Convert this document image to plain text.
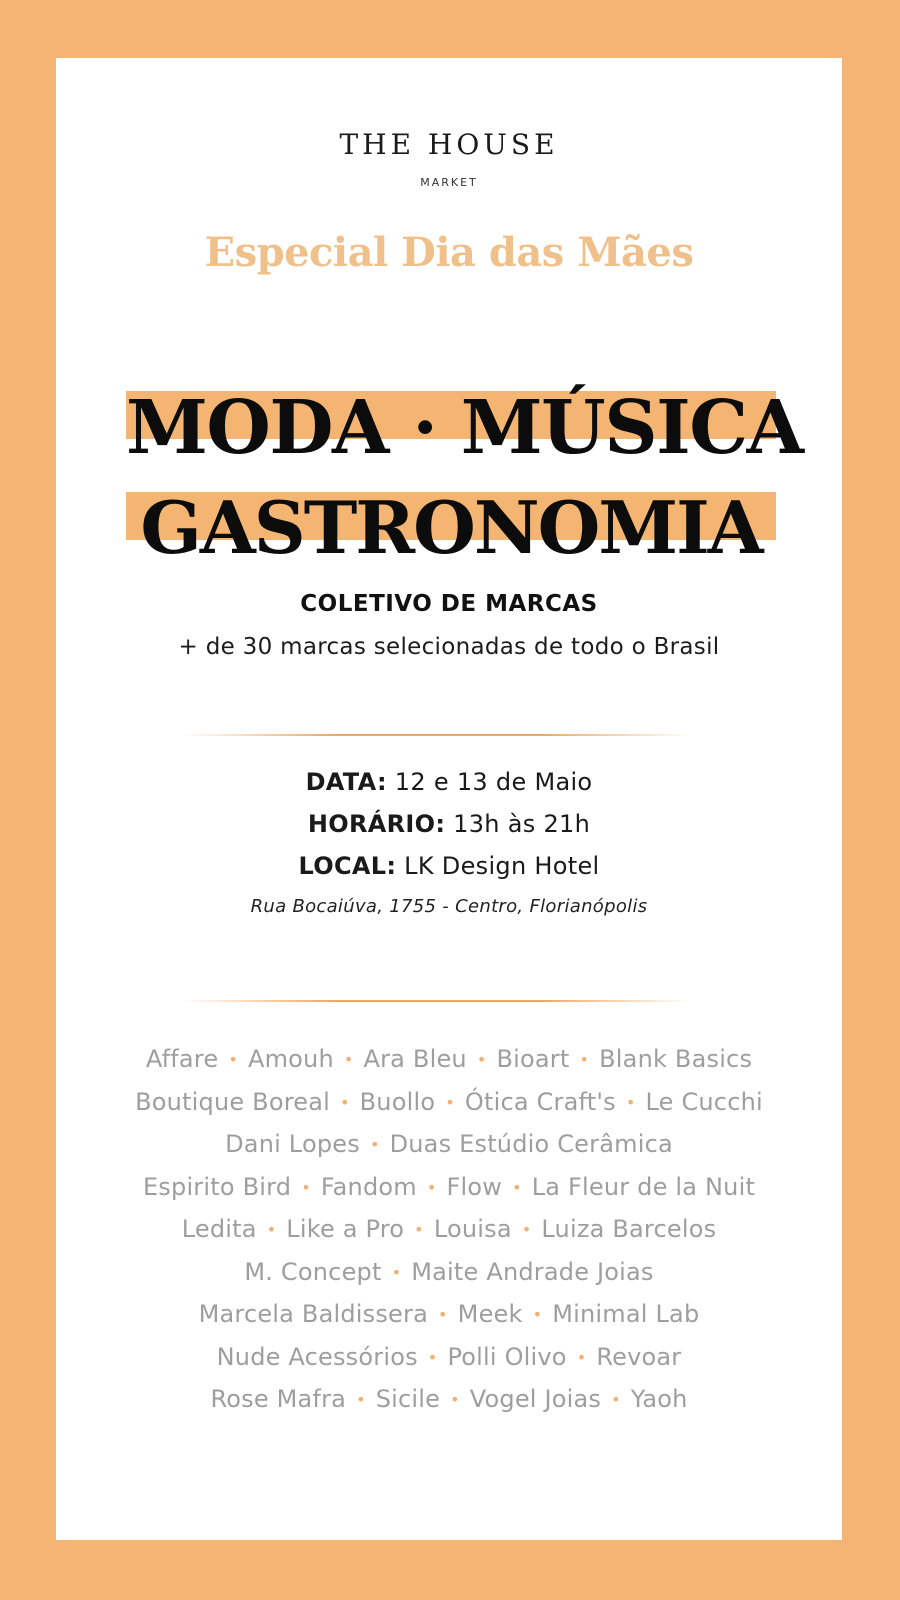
THE HOUSE
MARKET
Especial Dia das Mães
MODA · MÚSICA
GASTRONOMIA
COLETIVO DE MARCAS
+ de 30 marcas selecionadas de todo o Brasil
DATA: 12 e 13 de Maio
HORÁRIO: 13h às 21h
LOCAL: LK Design Hotel
Rua Bocaiúva, 1755 - Centro, Florianópolis
Affare • Amouh • Ara Bleu • Bioart • Blank Basics
Boutique Boreal • Buollo • Ótica Craft's • Le Cucchi
Dani Lopes • Duas Estúdio Cerâmica
Espirito Bird • Fandom • Flow • La Fleur de la Nuit
Ledita • Like a Pro • Louisa • Luiza Barcelos
M. Concept • Maite Andrade Joias
Marcela Baldissera • Meek • Minimal Lab
Nude Acessórios • Polli Olivo • Revoar
Rose Mafra • Sicile • Vogel Joias • Yaoh
